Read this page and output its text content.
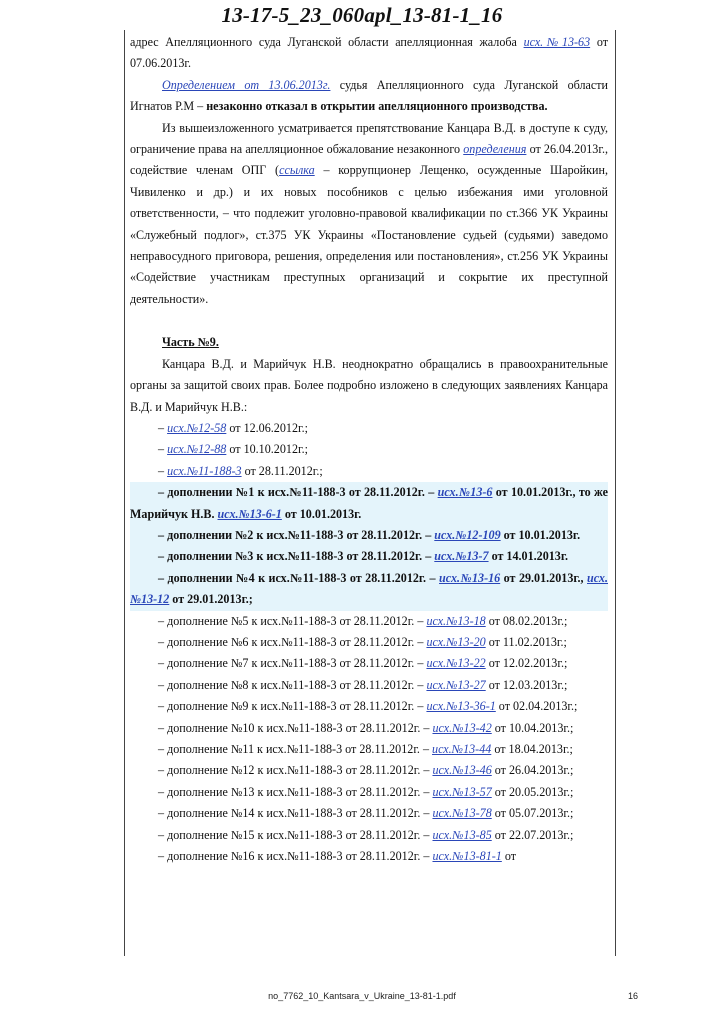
13-17-5_23_060apl_13-81-1_16

адрес Апелляционного суда Луганской области апелляционная жалоба исх.№13-63 от 07.06.2013г.

Определением от 13.06.2013г. судья Апелляционного суда Луганской области Игнатов Р.М – незаконно отказал в открытии апелляционного производства.

Из вышеизложенного усматривается препятствование Канцара В.Д. в доступе к суду, ограничение права на апелляционное обжалование незаконного определения от 26.04.2013г., содействие членам ОПГ (ссылка – коррупционер Лещенко, осужденные Шаройкин, Чивиленко и др.) и их новых пособников с целью избежания ими уголовной ответственности, – что подлежит уголовно-правовой квалификации по ст.366 УК Украины «Служебный подлог», ст.375 УК Украины «Постановление судьей (судьями) заведомо неправосудного приговора, решения, определения или постановления», ст.256 УК Украины «Содействие участникам преступных организаций и сокрытие их преступной деятельности».

Часть №9.

Канцара В.Д. и Марийчук Н.В. неоднократно обращались в правоохранительные органы за защитой своих прав. Более подробно изложено в следующих заявлениях Канцара В.Д. и Марийчук Н.В.:

– исх.№12-58 от 12.06.2012г.;

– исх.№12-88 от 10.10.2012г.;

– исх.№11-188-3 от 28.11.2012г.;

– дополнении №1 к исх.№11-188-3 от 28.11.2012г. – исх.№13-6 от 10.01.2013г., то же Марийчук Н.В. исх.№13-6-1 от 10.01.2013г.

– дополнении №2 к исх.№11-188-3 от 28.11.2012г. – исх.№12-109 от 10.01.2013г.

– дополнении №3 к исх.№11-188-3 от 28.11.2012г. – исх.№13-7 от 14.01.2013г.

– дополнении №4 к исх.№11-188-3 от 28.11.2012г. – исх.№13-16 от 29.01.2013г., исх.№13-12 от 29.01.2013г.;

– дополнение №5 к исх.№11-188-3 от 28.11.2012г. – исх.№13-18 от 08.02.2013г.;

– дополнение №6 к исх.№11-188-3 от 28.11.2012г. – исх.№13-20 от 11.02.2013г.;

– дополнение №7 к исх.№11-188-3 от 28.11.2012г. – исх.№13-22 от 12.02.2013г.;

– дополнение №8 к исх.№11-188-3 от 28.11.2012г. – исх.№13-27 от 12.03.2013г.;

– дополнение №9 к исх.№11-188-3 от 28.11.2012г. – исх.№13-36-1 от 02.04.2013г.;

– дополнение №10 к исх.№11-188-3 от 28.11.2012г. – исх.№13-42 от 10.04.2013г.;

– дополнение №11 к исх.№11-188-3 от 28.11.2012г. – исх.№13-44 от 18.04.2013г.;

– дополнение №12 к исх.№11-188-3 от 28.11.2012г. – исх.№13-46 от 26.04.2013г.;

– дополнение №13 к исх.№11-188-3 от 28.11.2012г. – исх.№13-57 от 20.05.2013г.;

– дополнение №14 к исх.№11-188-3 от 28.11.2012г. – исх.№13-78 от 05.07.2013г.;

– дополнение №15 к исх.№11-188-3 от 28.11.2012г. – исх.№13-85 от 22.07.2013г.;

– дополнение №16 к исх.№11-188-3 от 28.11.2012г. – исх.№13-81-1 от

no_7762_10_Kantsara_v_Ukraine_13-81-1.pdf	16
